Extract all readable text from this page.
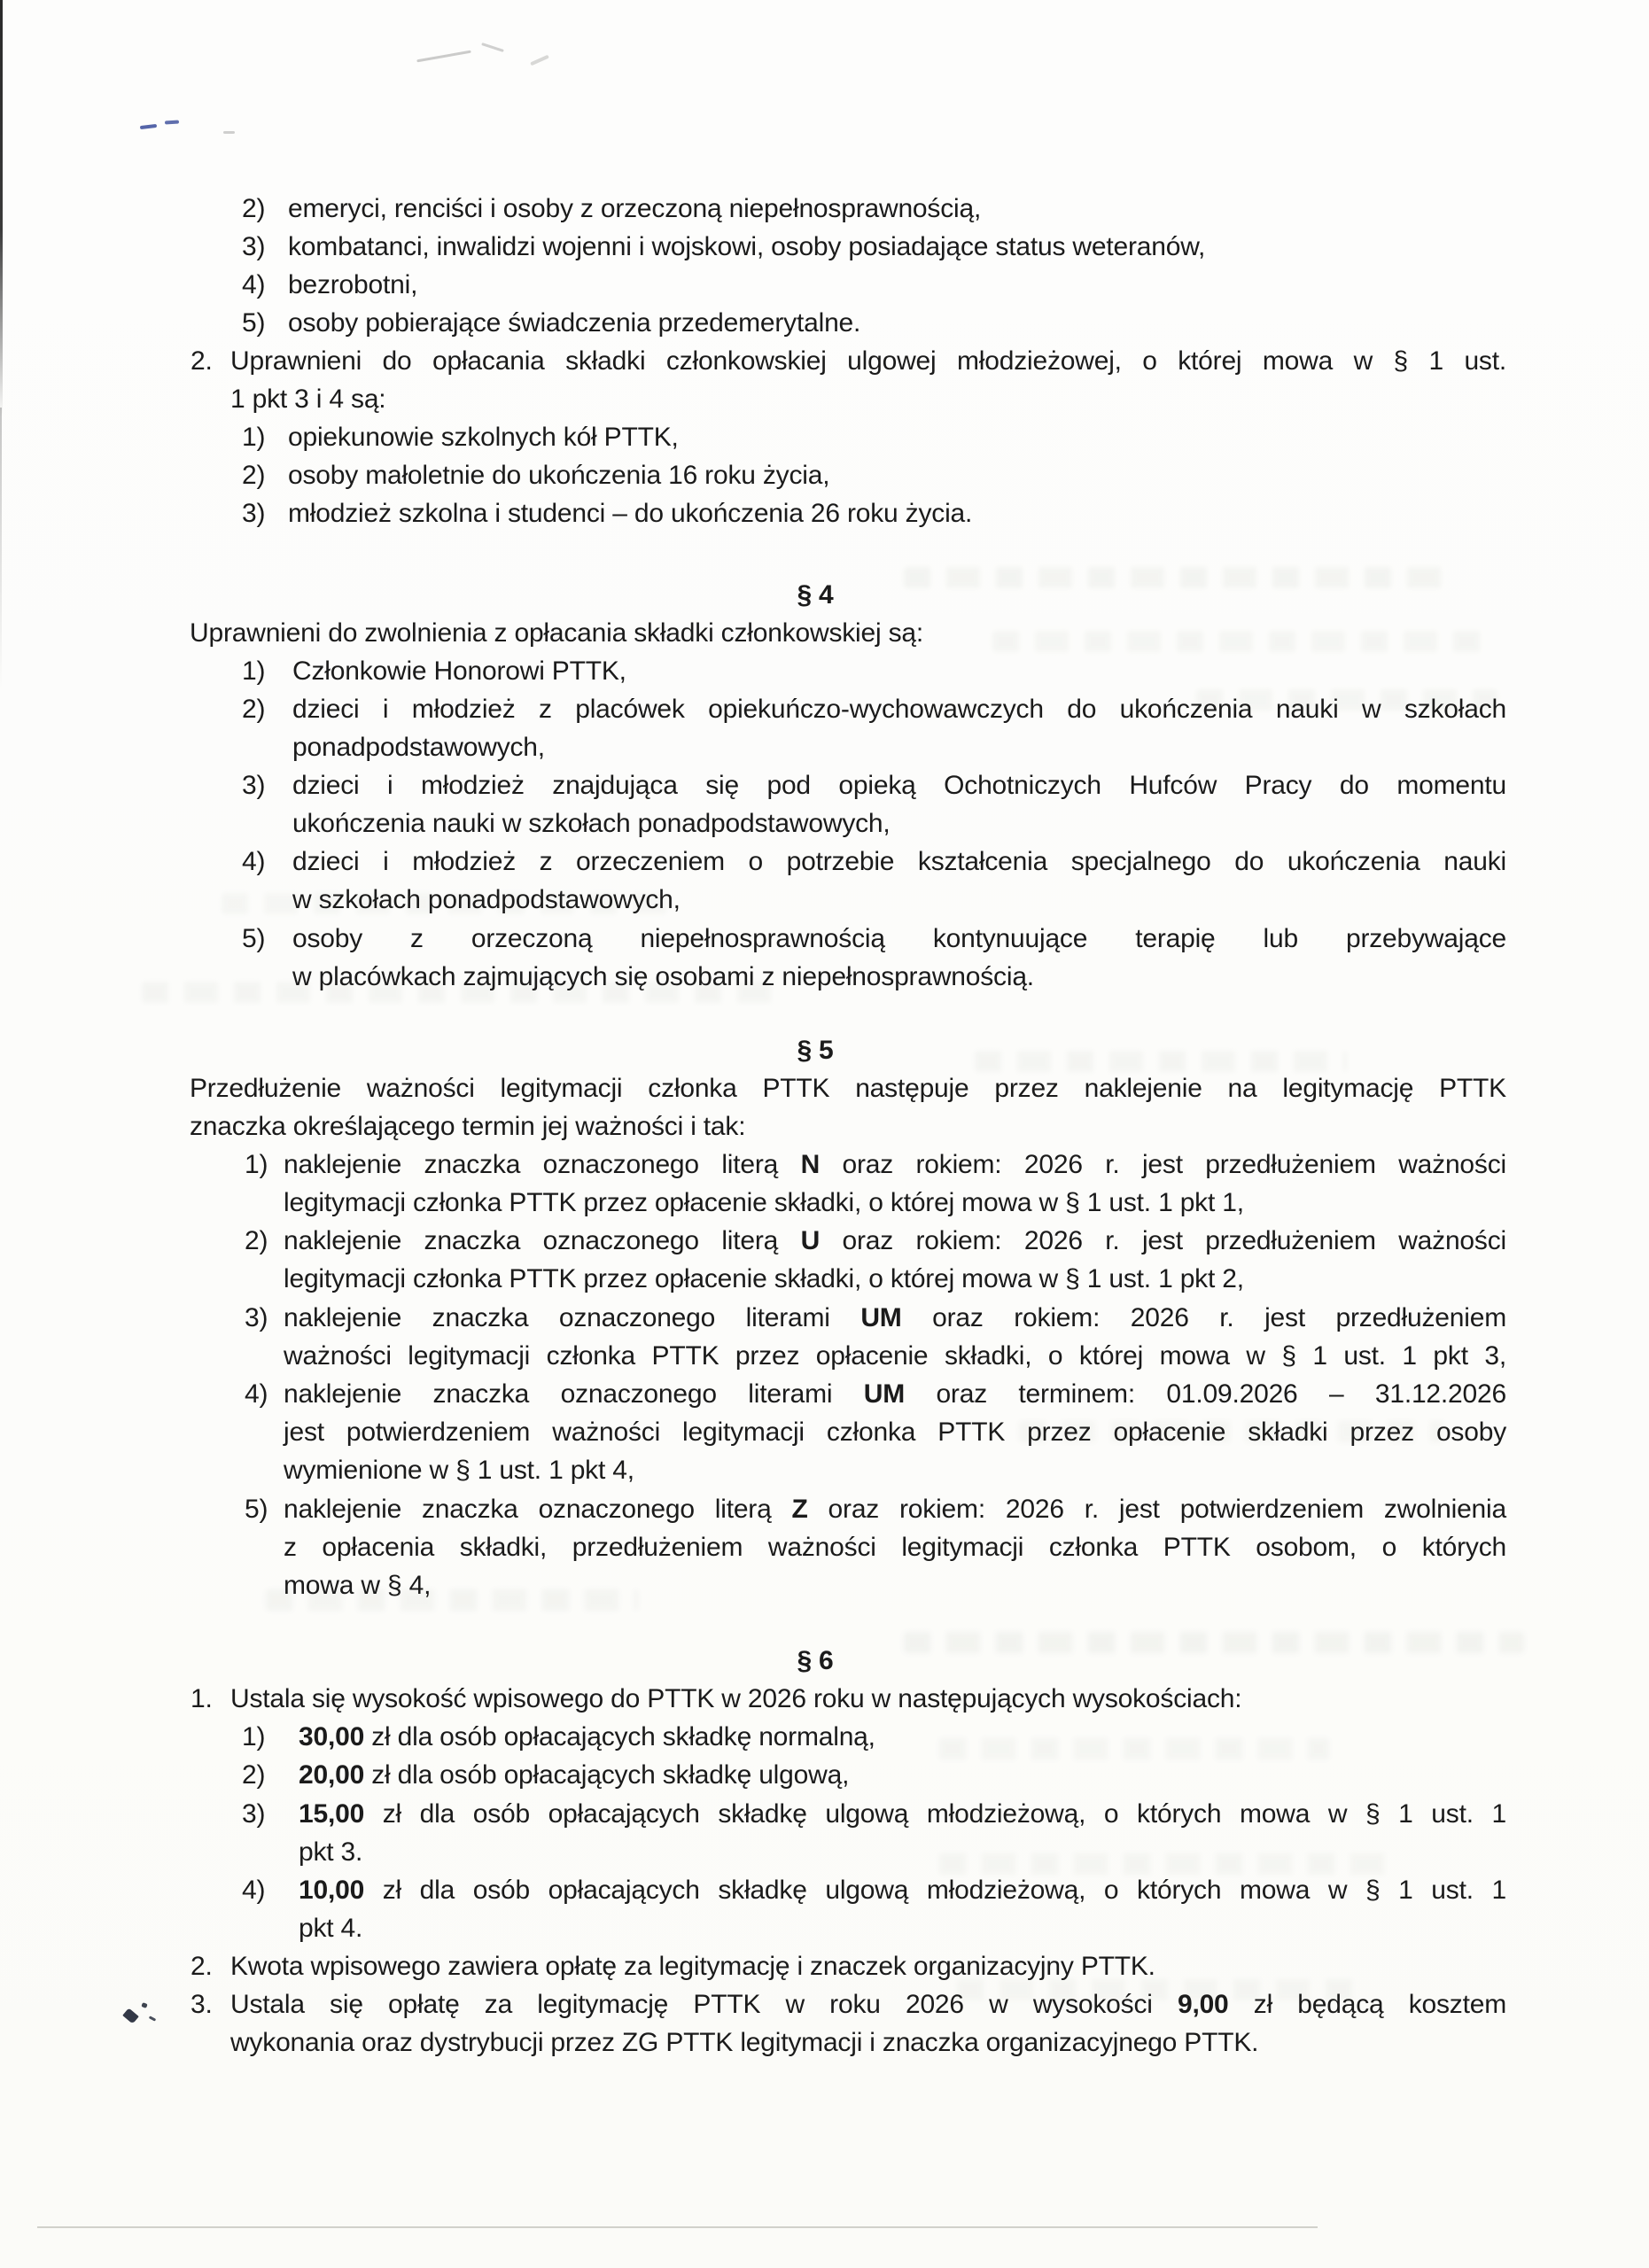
2) emeryci, renciści i osoby z orzeczoną niepełnosprawnością,
3) kombatanci, inwalidzi wojenni i wojskowi, osoby posiadające status weteranów,
4) bezrobotni,
5) osoby pobierające świadczenia przedemerytalne.
2. Uprawnieni do opłacania składki członkowskiej ulgowej młodzieżowej, o której mowa w § 1 ust.
1 pkt 3 i 4 są:
1) opiekunowie szkolnych kół PTTK,
2) osoby małoletnie do ukończenia 16 roku życia,
3) młodzież szkolna i studenci – do ukończenia 26 roku życia.
§ 4
Uprawnieni do zwolnienia z opłacania składki członkowskiej są:
1) Członkowie Honorowi PTTK,
2) dzieci i młodzież z placówek opiekuńczo-wychowawczych do ukończenia nauki w szkołach
ponadpodstawowych,
3) dzieci i młodzież znajdująca się pod opieką Ochotniczych Hufców Pracy do momentu
ukończenia nauki w szkołach ponadpodstawowych,
4) dzieci i młodzież z orzeczeniem o potrzebie kształcenia specjalnego do ukończenia nauki
w szkołach ponadpodstawowych,
5) osoby z orzeczoną niepełnosprawnością kontynuujące terapię lub przebywające
w placówkach zajmujących się osobami z niepełnosprawnością.
§ 5
Przedłużenie ważności legitymacji członka PTTK następuje przez naklejenie na legitymację PTTK
znaczka określającego termin jej ważności i tak:
1) naklejenie znaczka oznaczonego literą N oraz rokiem: 2026 r. jest przedłużeniem ważności
legitymacji członka PTTK przez opłacenie składki, o której mowa w § 1 ust. 1 pkt 1,
2) naklejenie znaczka oznaczonego literą U oraz rokiem: 2026 r. jest przedłużeniem ważności
legitymacji członka PTTK przez opłacenie składki, o której mowa w § 1 ust. 1 pkt 2,
3) naklejenie znaczka oznaczonego literami UM oraz rokiem: 2026 r. jest przedłużeniem
ważności legitymacji członka PTTK przez opłacenie składki, o której mowa w § 1 ust. 1 pkt 3,
4) naklejenie znaczka oznaczonego literami UM oraz terminem: 01.09.2026 – 31.12.2026
jest potwierdzeniem ważności legitymacji członka PTTK przez opłacenie składki przez osoby
wymienione w § 1 ust. 1 pkt 4,
5) naklejenie znaczka oznaczonego literą Z oraz rokiem: 2026 r. jest potwierdzeniem zwolnienia
z opłacenia składki, przedłużeniem ważności legitymacji członka PTTK osobom, o których
mowa w § 4,
§ 6
1. Ustala się wysokość wpisowego do PTTK w 2026 roku w następujących wysokościach:
1) 30,00 zł dla osób opłacających składkę normalną,
2) 20,00 zł dla osób opłacających składkę ulgową,
3) 15,00 zł dla osób opłacających składkę ulgową młodzieżową, o których mowa w § 1 ust. 1
pkt 3.
4) 10,00 zł dla osób opłacających składkę ulgową młodzieżową, o których mowa w § 1 ust. 1
pkt 4.
2. Kwota wpisowego zawiera opłatę za legitymację i znaczek organizacyjny PTTK.
3. Ustala się opłatę za legitymację PTTK w roku 2026 w wysokości 9,00 zł będącą kosztem
wykonania oraz dystrybucji przez ZG PTTK legitymacji i znaczka organizacyjnego PTTK.
